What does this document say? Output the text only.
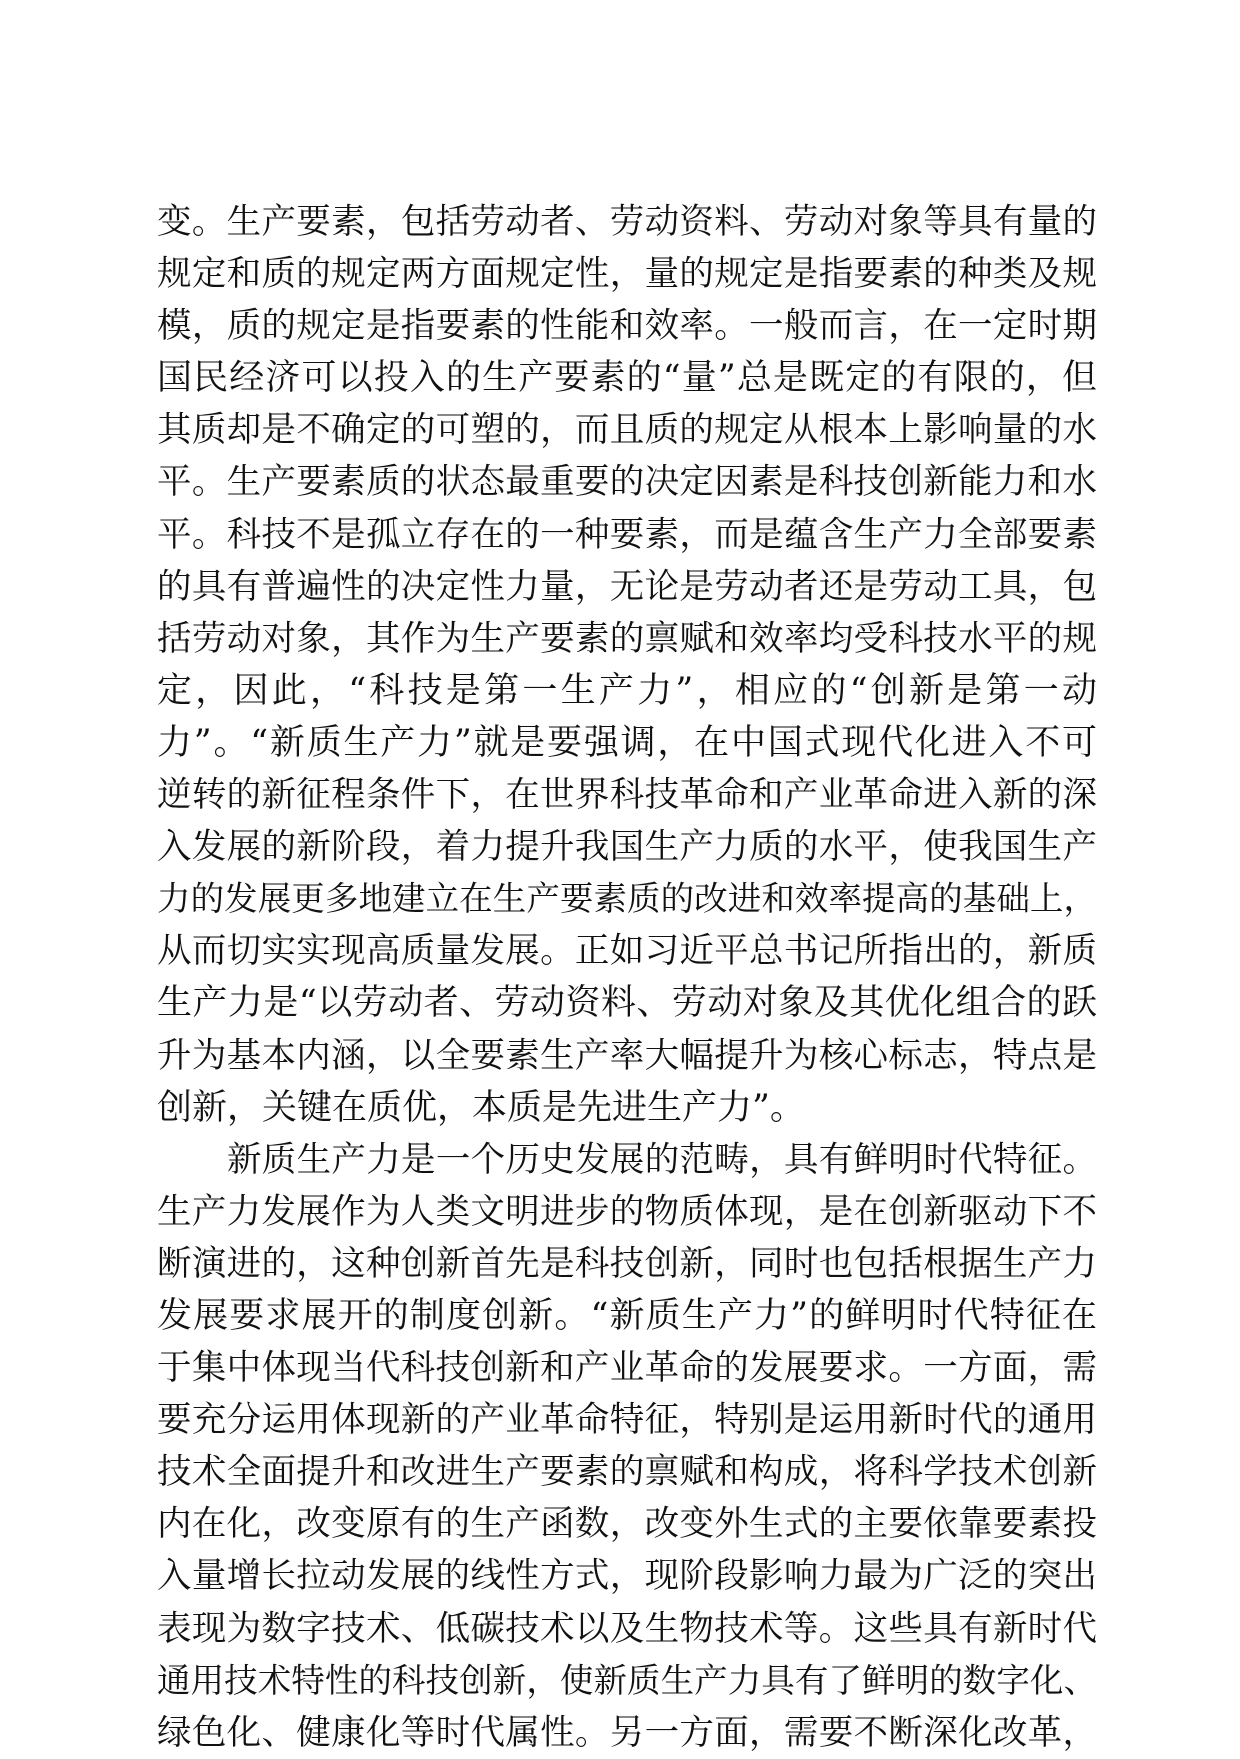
变。生产要素，包括劳动者、劳动资料、劳动对象等具有量的
规定和质的规定两方面规定性，量的规定是指要素的种类及规
模，质的规定是指要素的性能和效率。一般而言，在一定时期
国民经济可以投入的生产要素的“量”总是既定的有限的，但
其质却是不确定的可塑的，而且质的规定从根本上影响量的水
平。生产要素质的状态最重要的决定因素是科技创新能力和水
平。科技不是孤立存在的一种要素，而是蕴含生产力全部要素
的具有普遍性的决定性力量，无论是劳动者还是劳动工具，包
括劳动对象，其作为生产要素的禀赋和效率均受科技水平的规
定，因此，“科技是第一生产力”，相应的“创新是第一动
力”。“新质生产力”就是要强调，在中国式现代化进入不可
逆转的新征程条件下，在世界科技革命和产业革命进入新的深
入发展的新阶段，着力提升我国生产力质的水平，使我国生产
力的发展更多地建立在生产要素质的改进和效率提高的基础上，
从而切实实现高质量发展。正如习近平总书记所指出的，新质
生产力是“以劳动者、劳动资料、劳动对象及其优化组合的跃
升为基本内涵，以全要素生产率大幅提升为核心标志，特点是
创新，关键在质优，本质是先进生产力”。
新质生产力是一个历史发展的范畴，具有鲜明时代特征。
生产力发展作为人类文明进步的物质体现，是在创新驱动下不
断演进的，这种创新首先是科技创新，同时也包括根据生产力
发展要求展开的制度创新。“新质生产力”的鲜明时代特征在
于集中体现当代科技创新和产业革命的发展要求。一方面，需
要充分运用体现新的产业革命特征，特别是运用新时代的通用
技术全面提升和改进生产要素的禀赋和构成，将科学技术创新
内在化，改变原有的生产函数，改变外生式的主要依靠要素投
入量增长拉动发展的线性方式，现阶段影响力最为广泛的突出
表现为数字技术、低碳技术以及生物技术等。这些具有新时代
通用技术特性的科技创新，使新质生产力具有了鲜明的数字化、
绿色化、健康化等时代属性。另一方面，需要不断深化改革，
